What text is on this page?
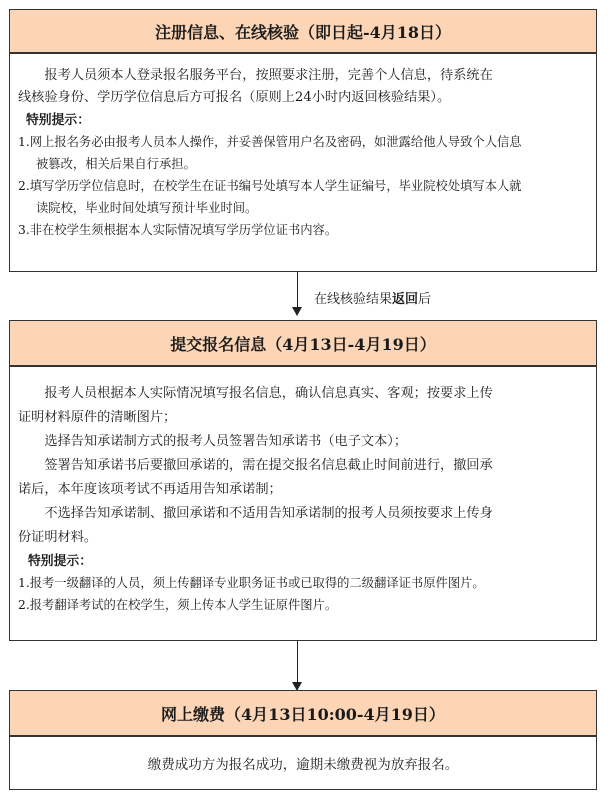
注册信息、在线核验（即日起-4月18日）

报考人员须本人登录报名服务平台，按照要求注册，完善个人信息，待系统在

线核验身份、学历学位信息后方可报名（原则上24小时内返回核验结果）。

特别提示：

1.网上报名务必由报考人员本人操作，并妥善保管用户名及密码，如泄露给他人导致个人信息

被篡改，相关后果自行承担。

2.填写学历学位信息时，在校学生在证书编号处填写本人学生证编号，毕业院校处填写本人就

读院校，毕业时间处填写预计毕业时间。

3.非在校学生须根据本人实际情况填写学历学位证书内容。

在线核验结果返回后
提交报名信息（4月13日-4月19日）

报考人员根据本人实际情况填写报名信息，确认信息真实、客观；按要求上传

证明材料原件的清晰图片；

选择告知承诺制方式的报考人员签署告知承诺书（电子文本）；

签署告知承诺书后要撤回承诺的，需在提交报名信息截止时间前进行，撤回承

诺后，本年度该项考试不再适用告知承诺制；

不选择告知承诺制、撤回承诺和不适用告知承诺制的报考人员须按要求上传身

份证明材料。

特别提示：

1.报考一级翻译的人员，须上传翻译专业职务证书或已取得的二级翻译证书原件图片。

2.报考翻译考试的在校学生，须上传本人学生证原件图片。

网上缴费（4月13日10:00-4月19日）
缴费成功方为报名成功，逾期未缴费视为放弃报名。
